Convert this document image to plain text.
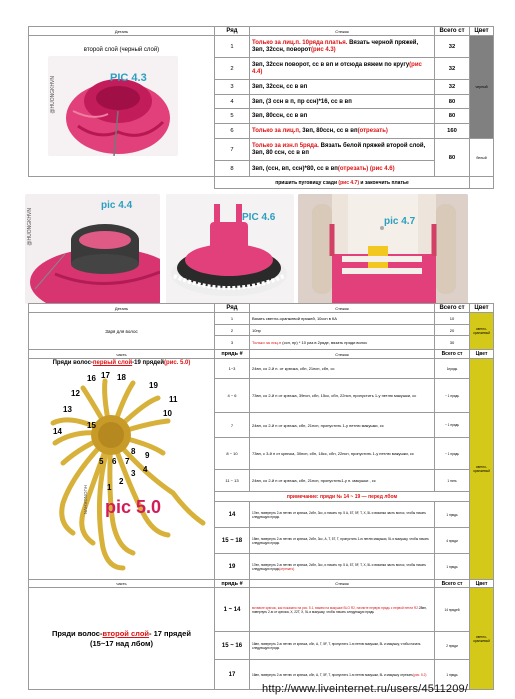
Деталь	Ряд	Стежок	Всего ст	Цвет

второй слой (черный слой)	1	Только за лиц.п. 10ряда платья. Вязать черной пряжей, 3вп, 32ссн, поворот(рис 4.3)	32	черный
	2	3вп, 32ссн поворот, сс в вп и отсюда вяжем по кругу(рис 4.4)	32	
	3	3вп, 32ссн, сс в вп	32	
	4	3вп, (3 ссн в п, пр ссн)*16, сс в вп	80	
	5	3вп, 80ссн, сс в вп	80	
	6	Только за лиц.п, 3вп, 80ссн, сс в вп(отрезать)	160	
	7	Только за изн.п 5ряда. Вязать белой пряжей второй слой, 3вп, 80 ссн, сс в вп	80	белый
	8	3вп, (ссн, вп, ссн)*80, сс в вп(отрезать) (рис 4.6)		
	пришить пуговицу сзади (рис 4.7) и закончить платье			
PIC 4.3
@HUONGKHVN
pic 4.4
@HUONGKHVN	PIC 4.6	pic 4.7
Деталь	Ряд	Стежок	Всего ст	Цвет
Заря для волос	1	Вязать светло-оранжевой пряжей, 10ссн в КА	10	светло-оранжевый
	2	10пр	20	
	3	Только за лиц.п (ссн, пр) * 10 раз в 2ряде, вязать пряди волос	30	
часть	прядь #	Стежок	Всего ст	Цвет

Пряди волос-первый слой-19 прядей(рис. 5.0)	1~3	24вп, со 2-й п. от крючка, сбн, 21псн, сбн, сс	1прядь	светло-оранжевый
	4 ~ 6	73вп, со 2-й п от крючка, 39псн, сбн, 15сс, сбн, 22псн, пропустить 1-у петлю макушки, сс	~ 1 прядь	
	7	24вп, со 2-й п от крючка, сбн, 21псн, пропустить 1-у петлю макушки, сс	~ 1 прядь	
	8 ~ 10	73вп, с 3-й п от крючка, 30псн, сбн, 18сс, сбн, 22псн, пропустить 1-у петлю макушки, сс	~ 1 прядь	
	11 ~ 13	24вп, со 2-й п от крючка, сбн, 21псн, пропустить1-у п. макушки , сс	1 нить	
	примечание: пряди № 14 ~ 19 — перед лбом			
	14	17вп, повернуть 2-ю петлю от крючка, 2сбн, 3сс, и начать пр. 5 А, 5Т, 5F, Т, Х, 5L и вязанка часть волос, чтобы начать следующую прядь	1 прядь	
	15 ~ 18	15вп, повернуть 2-ю петлю от крючка, 2сбн, 3сс, А, Т, 5Т, Т, пропустить 1-ю петлю макушки, 5L и макушку, чтобы начать следующую прядь	4 пряди	
	19	17вп, повернуть 2-ю петлю от крючка, 2сбн, 3сс, и начать пр. 5 А, 5Т, 5F, Т, Х, 5L и вязанка часть волос, чтобы начать следующую прядь(отрезать)	1 прядь	
часть	прядь #	Стежок	Всего ст	Цвет
Пряди волос-второй слой- 17 прядей
(15~17 над лбом)	1 ~ 14	вставьте крючок, как показано на рис. 5.1, вяжем на макушке BLO R2, начните первую прядь с первой петли R2.28вп, повернуть 2-ю от крючка, Х, 22Т, Х, 5L и макушку, чтобы начать следующую прядь	14 прядей	светло-оранжевый
	15 ~ 16	16вп, повернуть 2-ю петлю от крючка, сбн, А, Т, 5F, Т, пропустить 1-ю петлю макушки, 5L и макушку, чтобы начать следующую прядь	2 пряди	
	17	16вп, повернуть 2-ю петлю от крючка, сбн, А, Т, 5F, Т, пропустить 1-ю петлю макушки, 5L и макушку отрезать(рис. 5.2)	1 прядь	
16 17 18
19
11
12
13
14
10
9
8
7
6
5
4
3
2
1
15
pic 5.0
HUONGKHVN
http://www.liveinternet.ru/users/4511209/
